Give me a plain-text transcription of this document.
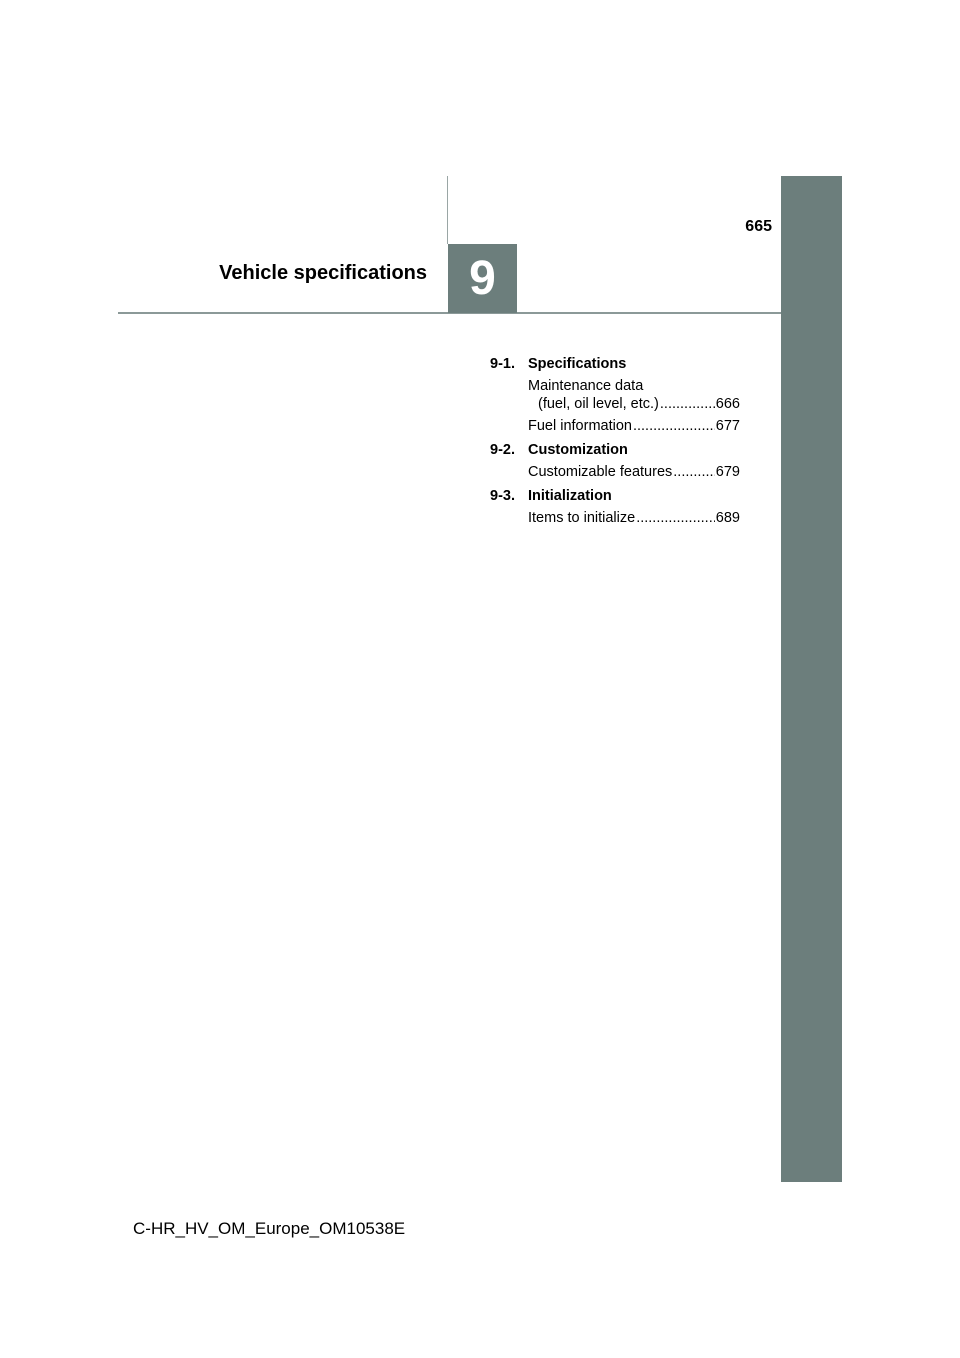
665
Vehicle specifications 9
9-1. Specifications
Maintenance data
(fuel, oil level, etc.) .....	666
Fuel information .....	677
9-2. Customization
Customizable features .....	679
9-3. Initialization
Items to initialize .....	689
C-HR_HV_OM_Europe_OM10538E
